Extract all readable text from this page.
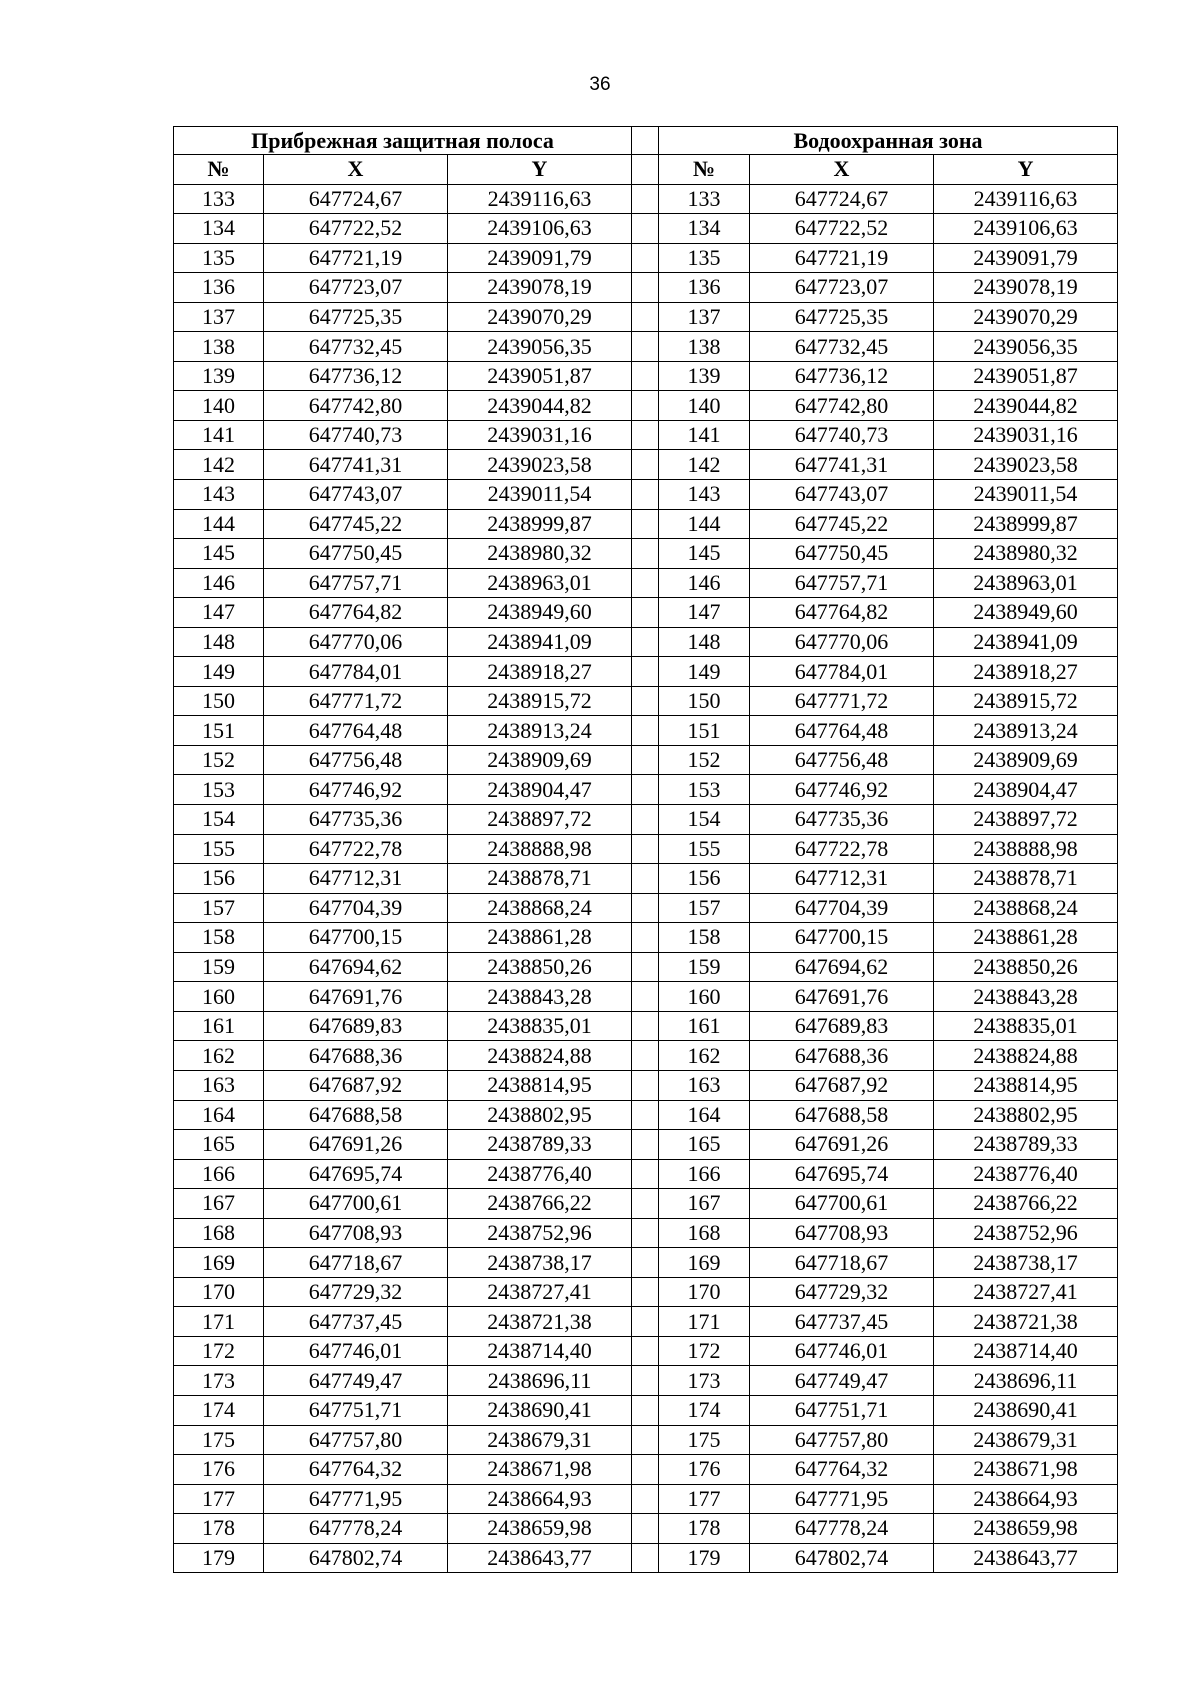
36
Прибрежная защитная полоса				Водоохранная зона		
№	X	Y		№	X	Y
133	647724,67	2439116,63		133	647724,67	2439116,63
134	647722,52	2439106,63		134	647722,52	2439106,63
135	647721,19	2439091,79		135	647721,19	2439091,79
136	647723,07	2439078,19		136	647723,07	2439078,19
137	647725,35	2439070,29		137	647725,35	2439070,29
138	647732,45	2439056,35		138	647732,45	2439056,35
139	647736,12	2439051,87		139	647736,12	2439051,87
140	647742,80	2439044,82		140	647742,80	2439044,82
141	647740,73	2439031,16		141	647740,73	2439031,16
142	647741,31	2439023,58		142	647741,31	2439023,58
143	647743,07	2439011,54		143	647743,07	2439011,54
144	647745,22	2438999,87		144	647745,22	2438999,87
145	647750,45	2438980,32		145	647750,45	2438980,32
146	647757,71	2438963,01		146	647757,71	2438963,01
147	647764,82	2438949,60		147	647764,82	2438949,60
148	647770,06	2438941,09		148	647770,06	2438941,09
149	647784,01	2438918,27		149	647784,01	2438918,27
150	647771,72	2438915,72		150	647771,72	2438915,72
151	647764,48	2438913,24		151	647764,48	2438913,24
152	647756,48	2438909,69		152	647756,48	2438909,69
153	647746,92	2438904,47		153	647746,92	2438904,47
154	647735,36	2438897,72		154	647735,36	2438897,72
155	647722,78	2438888,98		155	647722,78	2438888,98
156	647712,31	2438878,71		156	647712,31	2438878,71
157	647704,39	2438868,24		157	647704,39	2438868,24
158	647700,15	2438861,28		158	647700,15	2438861,28
159	647694,62	2438850,26		159	647694,62	2438850,26
160	647691,76	2438843,28		160	647691,76	2438843,28
161	647689,83	2438835,01		161	647689,83	2438835,01
162	647688,36	2438824,88		162	647688,36	2438824,88
163	647687,92	2438814,95		163	647687,92	2438814,95
164	647688,58	2438802,95		164	647688,58	2438802,95
165	647691,26	2438789,33		165	647691,26	2438789,33
166	647695,74	2438776,40		166	647695,74	2438776,40
167	647700,61	2438766,22		167	647700,61	2438766,22
168	647708,93	2438752,96		168	647708,93	2438752,96
169	647718,67	2438738,17		169	647718,67	2438738,17
170	647729,32	2438727,41		170	647729,32	2438727,41
171	647737,45	2438721,38		171	647737,45	2438721,38
172	647746,01	2438714,40		172	647746,01	2438714,40
173	647749,47	2438696,11		173	647749,47	2438696,11
174	647751,71	2438690,41		174	647751,71	2438690,41
175	647757,80	2438679,31		175	647757,80	2438679,31
176	647764,32	2438671,98		176	647764,32	2438671,98
177	647771,95	2438664,93		177	647771,95	2438664,93
178	647778,24	2438659,98		178	647778,24	2438659,98
179	647802,74	2438643,77		179	647802,74	2438643,77
